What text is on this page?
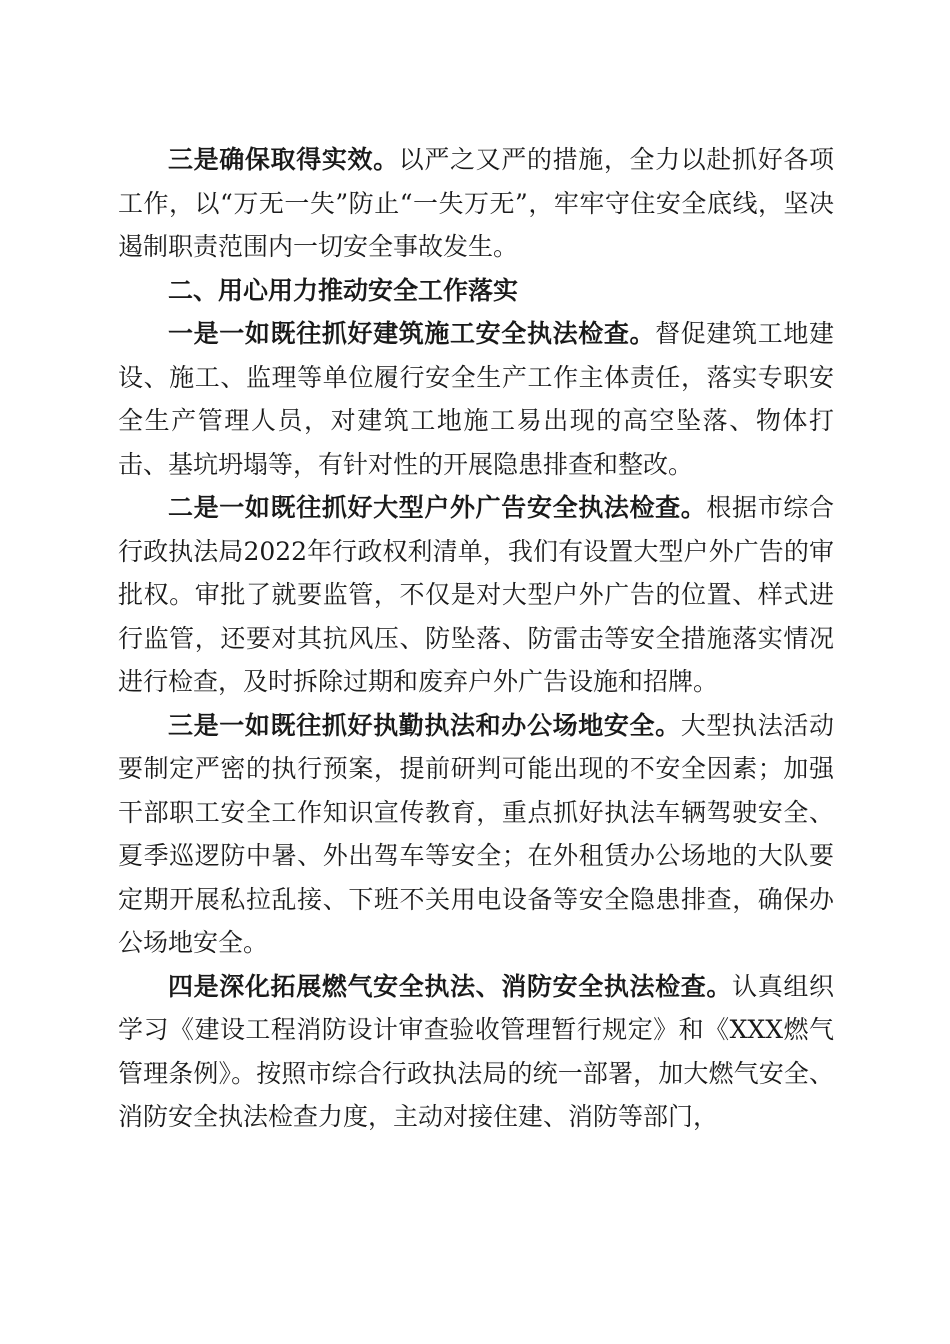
三是确保取得实效。以严之又严的措施，全力以赴抓好各项工作，以“万无一失”防止“一失万无”，牢牢守住安全底线，坚决遏制职责范围内一切安全事故发生。

二、用心用力推动安全工作落实

一是一如既往抓好建筑施工安全执法检查。督促建筑工地建设、施工、监理等单位履行安全生产工作主体责任，落实专职安全生产管理人员，对建筑工地施工易出现的高空坠落、物体打击、基坑坍塌等，有针对性的开展隐患排查和整改。

二是一如既往抓好大型户外广告安全执法检查。根据市综合行政执法局2022年行政权利清单，我们有设置大型户外广告的审批权。审批了就要监管，不仅是对大型户外广告的位置、样式进行监管，还要对其抗风压、防坠落、防雷击等安全措施落实情况进行检查，及时拆除过期和废弃户外广告设施和招牌。

三是一如既往抓好执勤执法和办公场地安全。大型执法活动要制定严密的执行预案，提前研判可能出现的不安全因素；加强干部职工安全工作知识宣传教育，重点抓好执法车辆驾驶安全、夏季巡逻防中暑、外出驾车等安全；在外租赁办公场地的大队要定期开展私拉乱接、下班不关用电设备等安全隐患排查，确保办公场地安全。

四是深化拓展燃气安全执法、消防安全执法检查。认真组织学习《建设工程消防设计审查验收管理暂行规定》和《XXX燃气管理条例》。按照市综合行政执法局的统一部署，加大燃气安全、消防安全执法检查力度，主动对接住建、消防等部门，
